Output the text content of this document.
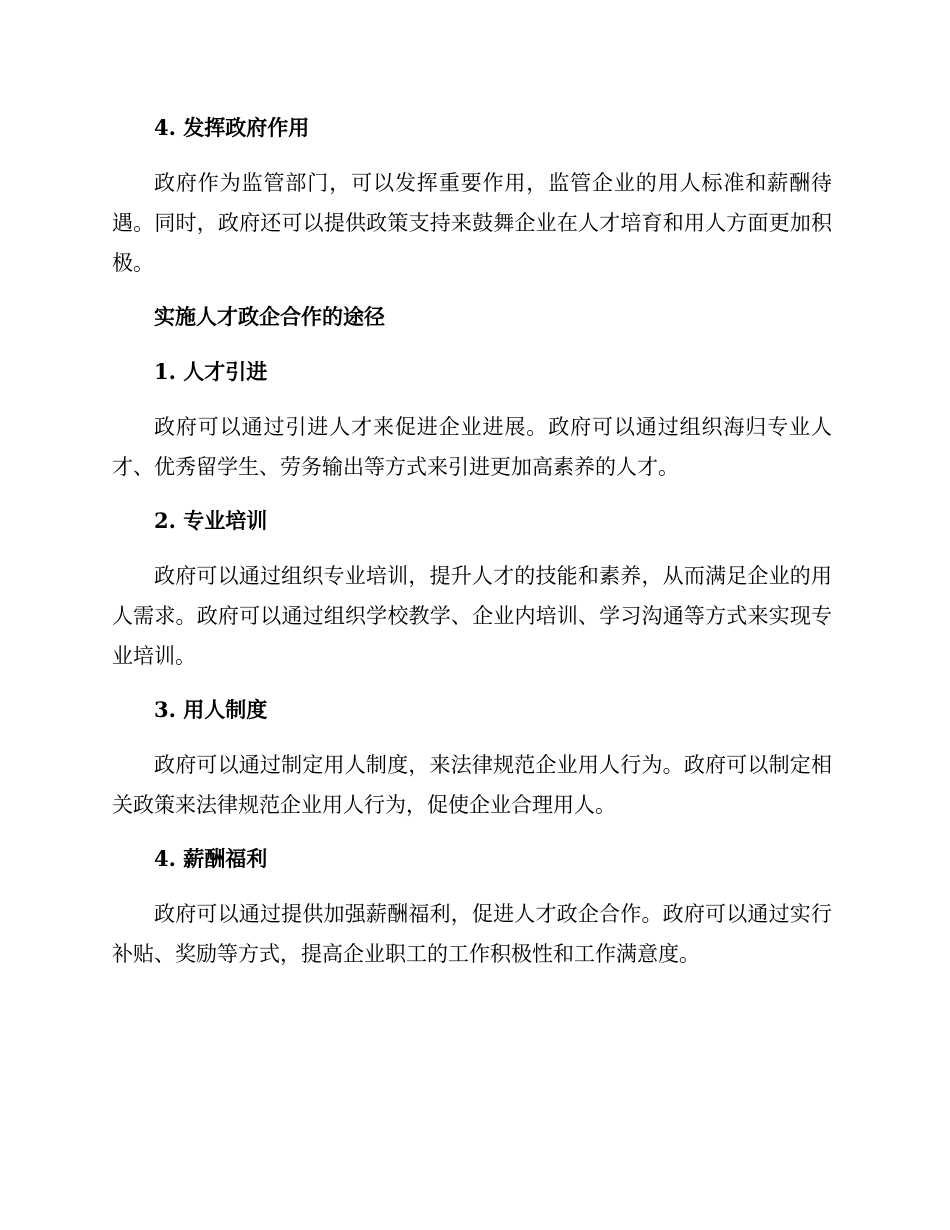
4. 发挥政府作用
政府作为监管部门，可以发挥重要作用，监管企业的用人标准和薪酬待遇。同时，政府还可以提供政策支持来鼓舞企业在人才培育和用人方面更加积极。
实施人才政企合作的途径
1. 人才引进
政府可以通过引进人才来促进企业进展。政府可以通过组织海归专业人才、优秀留学生、劳务输出等方式来引进更加高素养的人才。
2. 专业培训
政府可以通过组织专业培训，提升人才的技能和素养，从而满足企业的用人需求。政府可以通过组织学校教学、企业内培训、学习沟通等方式来实现专业培训。
3. 用人制度
政府可以通过制定用人制度，来法律规范企业用人行为。政府可以制定相关政策来法律规范企业用人行为，促使企业合理用人。
4. 薪酬福利
政府可以通过提供加强薪酬福利，促进人才政企合作。政府可以通过实行补贴、奖励等方式，提高企业职工的工作积极性和工作满意度。
